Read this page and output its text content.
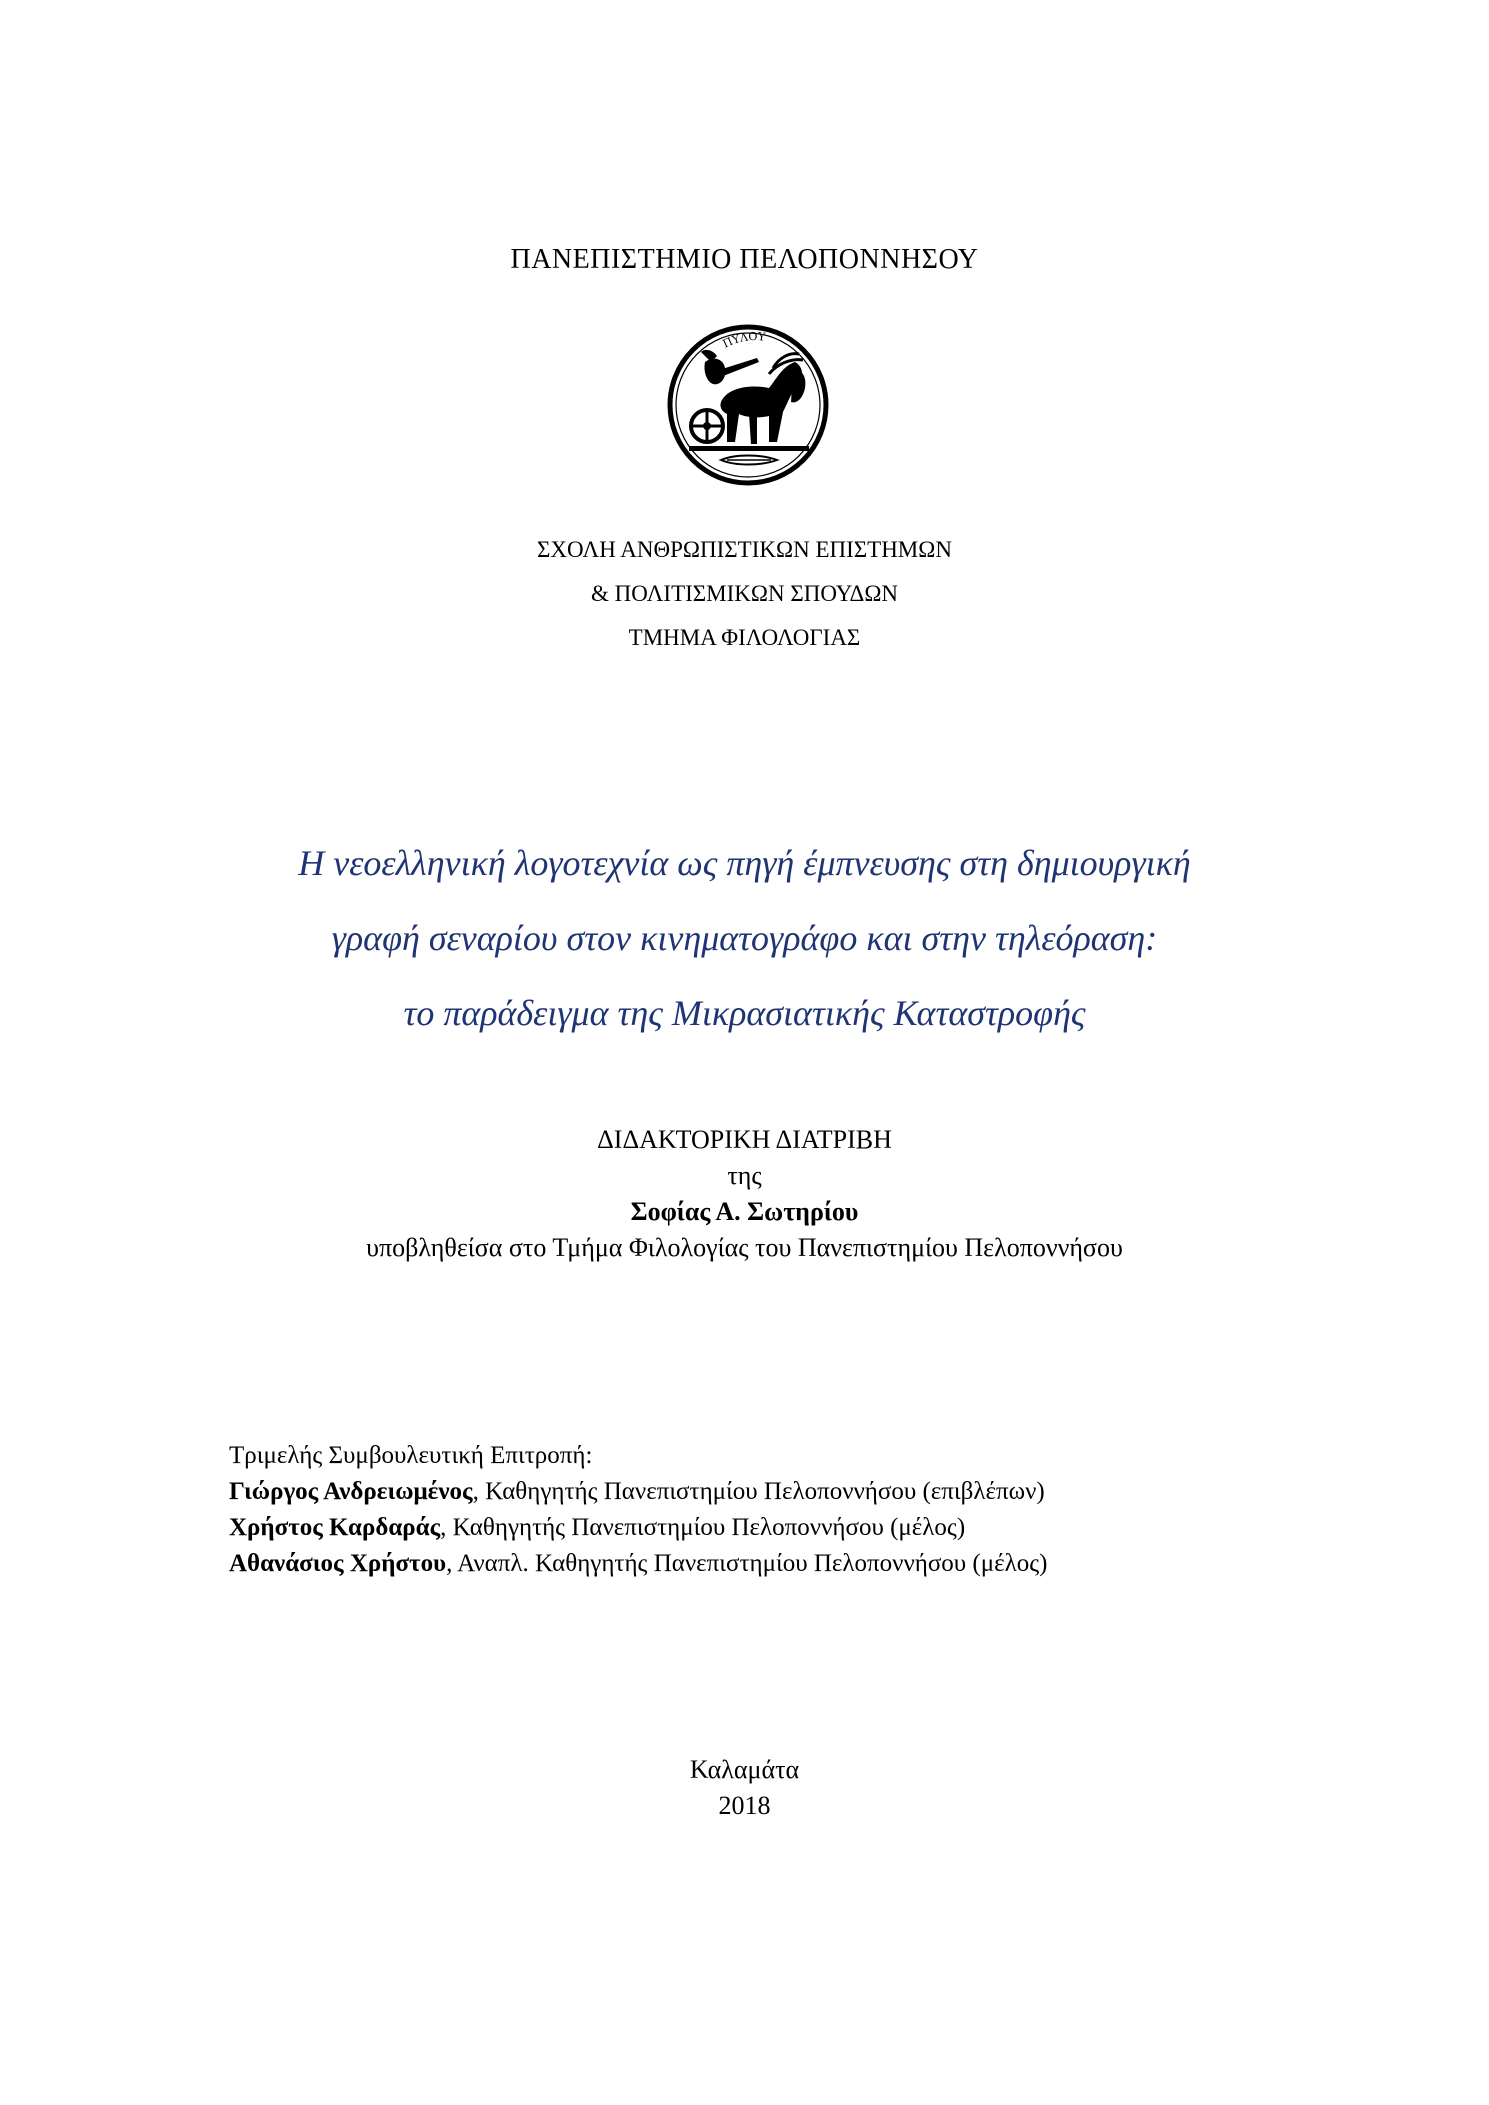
ΠΑΝΕΠΙΣΤΗΜΙΟ ΠΕΛΟΠΟΝΝΗΣΟΥ
ΠΥΛΟΥ
ΣΧΟΛΗ ΑΝΘΡΩΠΙΣΤΙΚΩΝ ΕΠΙΣΤΗΜΩΝ
& ΠΟΛΙΤΙΣΜΙΚΩΝ ΣΠΟΥΔΩΝ
ΤΜΗΜΑ ΦΙΛΟΛΟΓΙΑΣ
Η νεοελληνική λογοτεχνία ως πηγή έμπνευσης στη δημιουργική
γραφή σεναρίου στον κινηματογράφο και στην τηλεόραση:
το παράδειγμα της Μικρασιατικής Καταστροφής
ΔΙΔΑΚΤΟΡΙΚΗ ΔΙΑΤΡΙΒΗ
της
Σοφίας Α. Σωτηρίου
υποβληθείσα στο Τμήμα Φιλολογίας του Πανεπιστημίου Πελοποννήσου
Τριμελής Συμβουλευτική Επιτροπή:
Γιώργος Ανδρειωμένος, Καθηγητής Πανεπιστημίου Πελοποννήσου (επιβλέπων)
Χρήστος Καρδαράς, Καθηγητής Πανεπιστημίου Πελοποννήσου (μέλος)
Αθανάσιος Χρήστου, Αναπλ. Καθηγητής Πανεπιστημίου Πελοποννήσου (μέλος)
Καλαμάτα
2018
